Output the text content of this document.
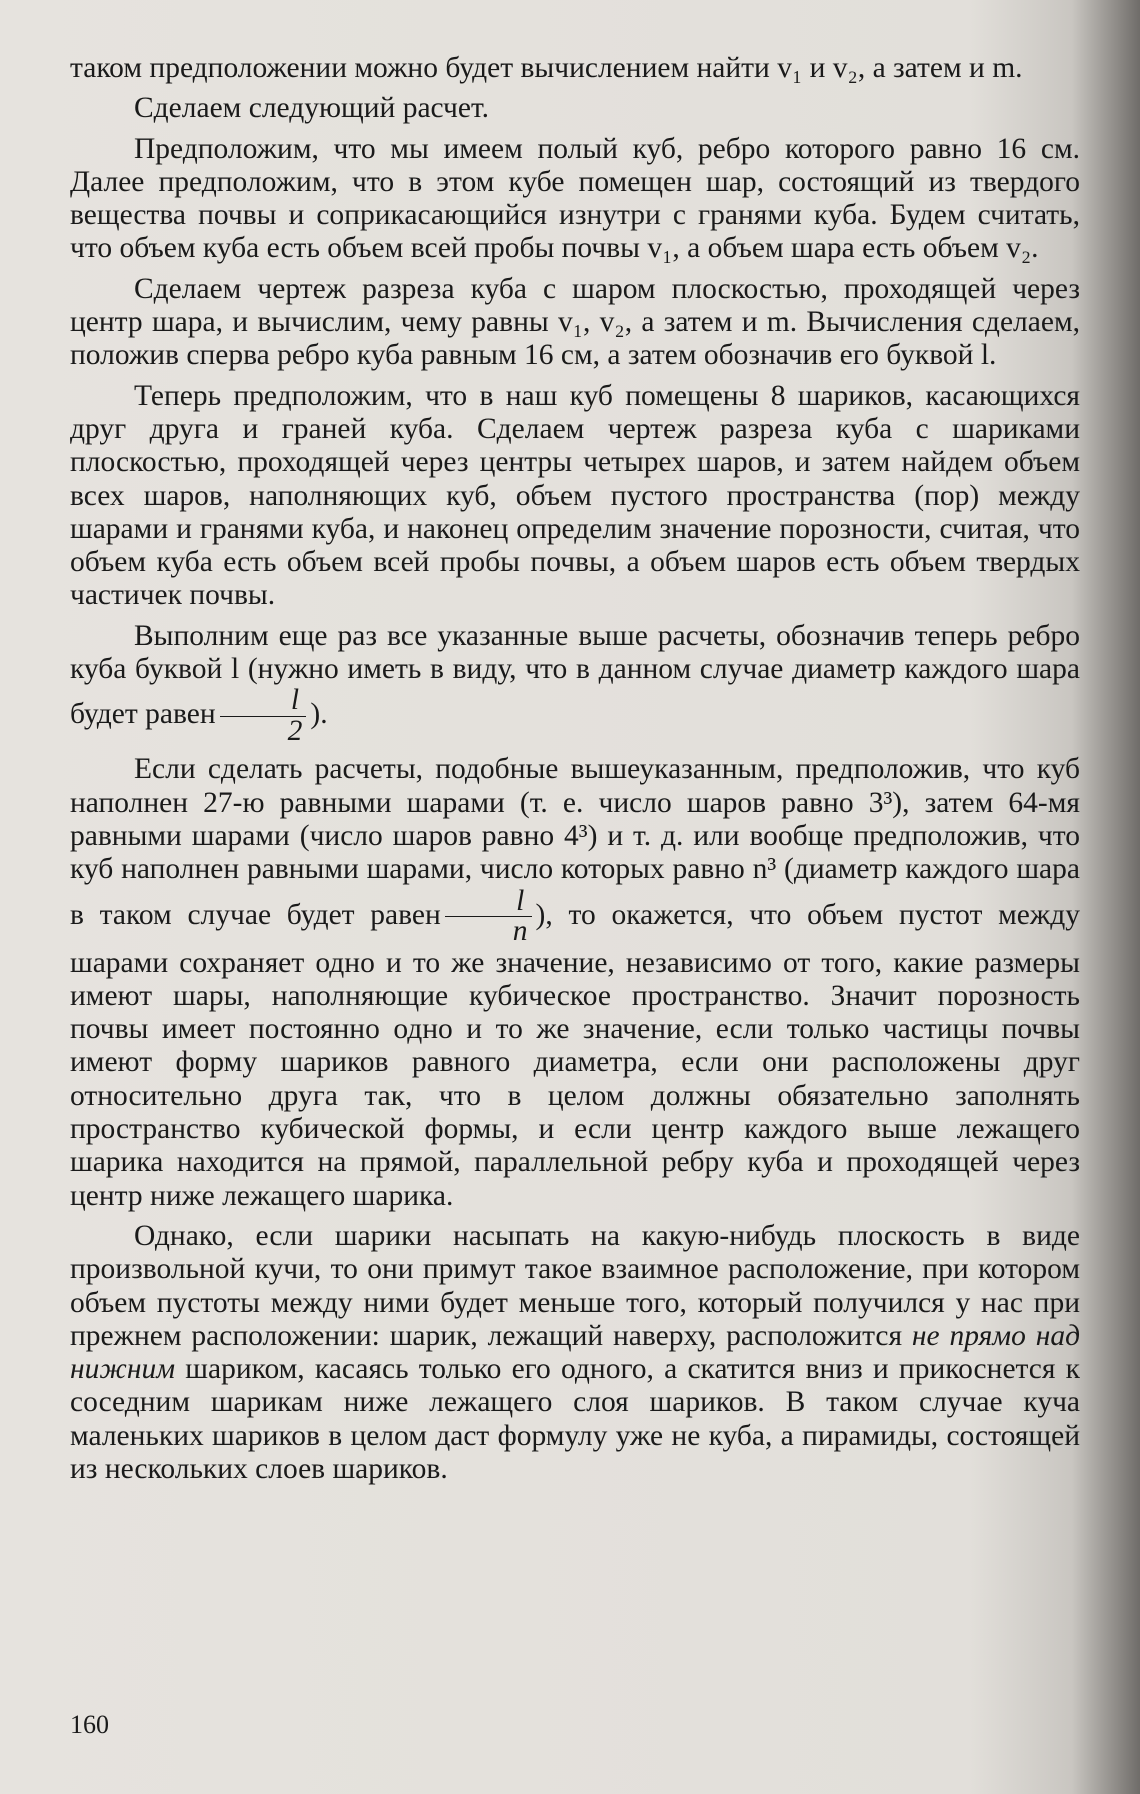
таком предположении можно будет вычислением найти v₁ и v₂, а затем и m.

Сделаем следующий расчет.

Предположим, что мы имеем полый куб, ребро которого равно 16 см. Далее предположим, что в этом кубе помещен шар, состоящий из твердого вещества почвы и соприкасающийся изнутри с гранями куба. Будем считать, что объем куба есть объем всей пробы почвы v₁, а объем шара есть объем v₂.

Сделаем чертеж разреза куба с шаром плоскостью, проходящей через центр шара, и вычислим, чему равны v₁, v₂, а затем и m. Вычисления сделаем, положив сперва ребро куба равным 16 см, а затем обозначив его буквой l.

Теперь предположим, что в наш куб помещены 8 шариков, касающихся друг друга и граней куба. Сделаем чертеж разреза куба с шариками плоскостью, проходящей через центры четырех шаров, и затем найдем объем всех шаров, наполняющих куб, объем пустого пространства (пор) между шарами и гранями куба, и наконец определим значение порозности, считая, что объем куба есть объем всей пробы почвы, а объем шаров есть объем твердых частичек почвы.

Выполним еще раз все указанные выше расчеты, обозначив теперь ребро куба буквой l (нужно иметь в виду, что в данном случае диаметр каждого шара будет равен $\frac{l}{2}$ ).

Если сделать расчеты, подобные вышеуказанным, предположив, что куб наполнен 27-ю равными шарами (т. е. число шаров равно 3³), затем 64-мя равными шарами (число шаров равно 4³) и т. д. или вообще предположив, что куб наполнен равными шарами, число которых равно n³ (диаметр каждого шара в таком случае будет равен $\frac{l}{n}$ ), то окажется, что объем пустот между шарами сохраняет одно и то же значение, независимо от того, какие размеры имеют шары, наполняющие кубическое пространство. Значит порозность почвы имеет постоянно одно и то же значение, если только частицы почвы имеют форму шариков равного диаметра, если они расположены друг относительно друга так, что в целом должны обязательно заполнять пространство кубической формы, и если центр каждого выше лежащего шарика находится на прямой, параллельной ребру куба и проходящей через центр ниже лежащего шарика.

Однако, если шарики насыпать на какую-нибудь плоскость в виде произвольной кучи, то они примут такое взаимное расположение, при котором объем пустоты между ними будет меньше того, который получился у нас при прежнем расположении: шарик, лежащий наверху, расположится не прямо над нижним шариком, касаясь только его одного, а скатится вниз и прикоснется к соседним шарикам ниже лежащего слоя шариков. В таком случае куча маленьких шариков в целом даст формулу уже не куба, а пирамиды, состоящей из нескольких слоев шариков.

160
